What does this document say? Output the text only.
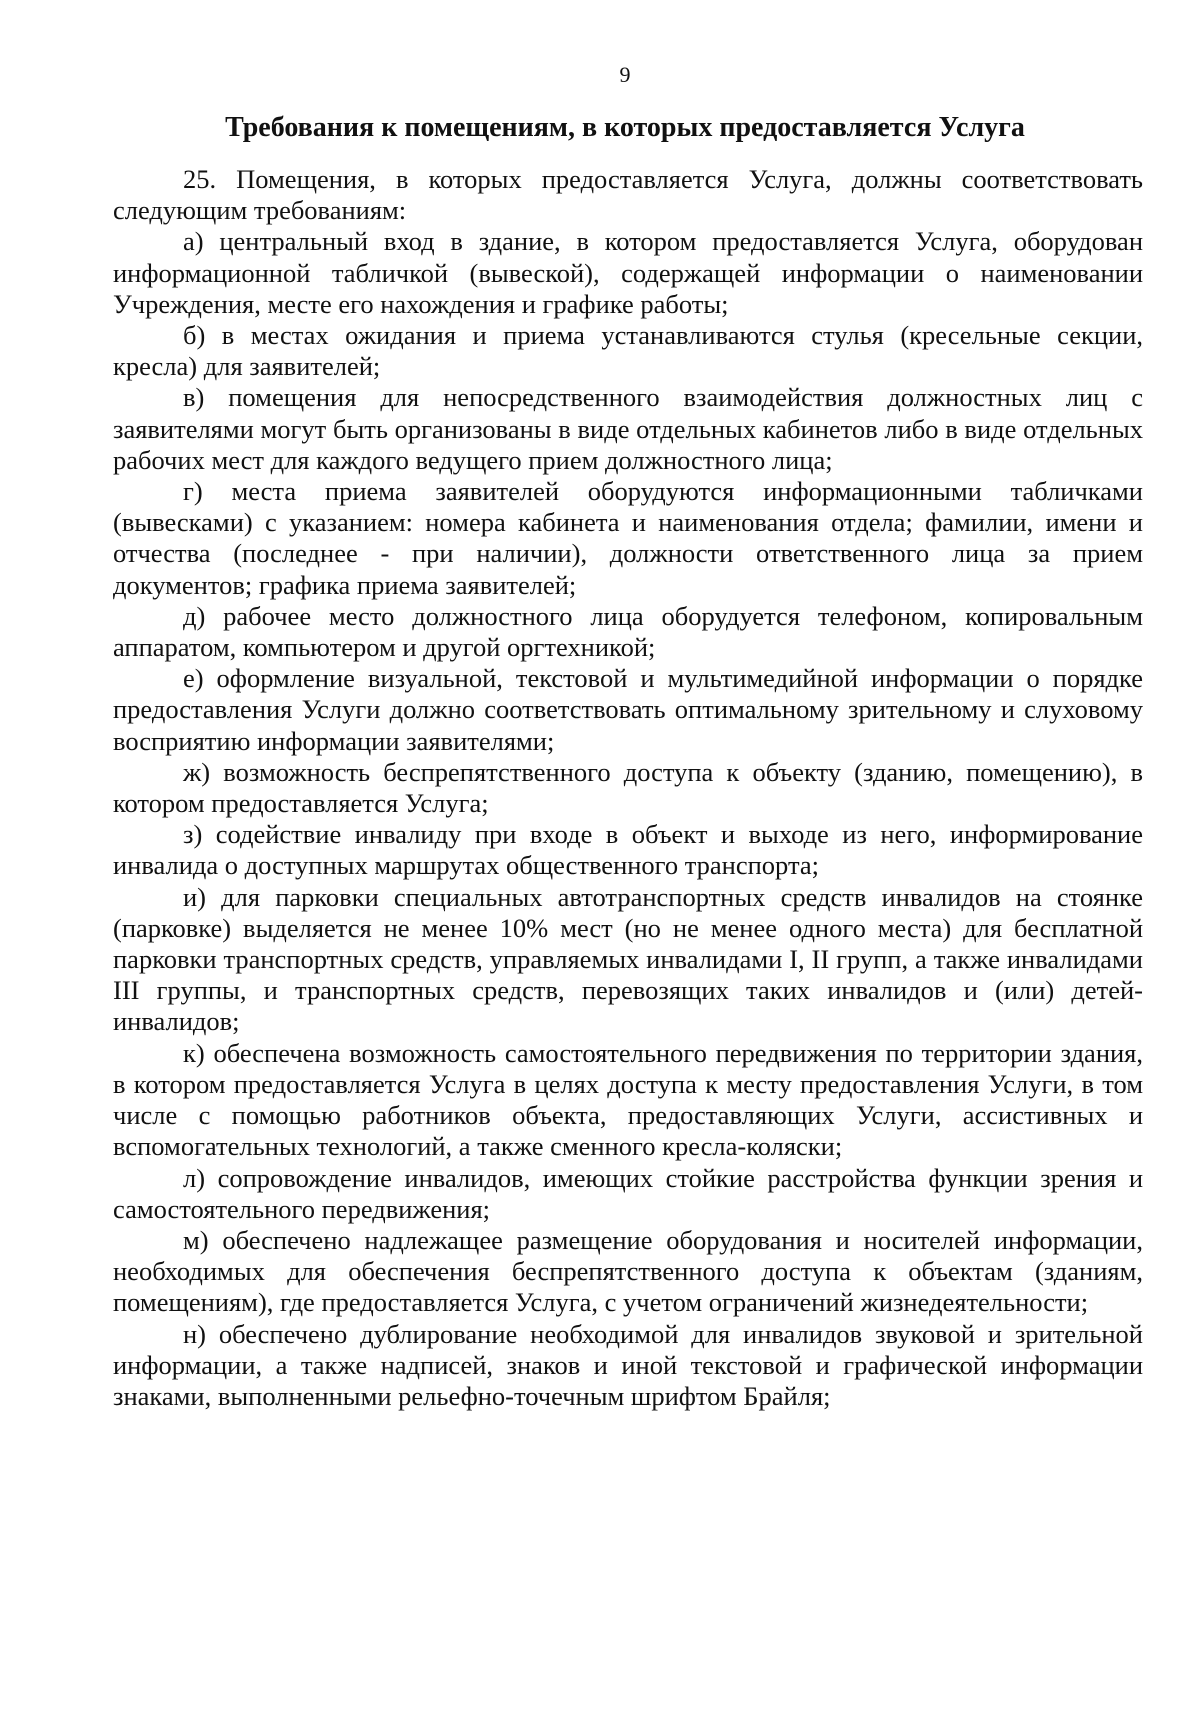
9
Требования к помещениям, в которых предоставляется Услуга

25. Помещения, в которых предоставляется Услуга, должны соответствовать следующим требованиям:

а) центральный вход в здание, в котором предоставляется Услуга, оборудован информационной табличкой (вывеской), содержащей информации о наименовании Учреждения, месте его нахождения и графике работы;

б) в местах ожидания и приема устанавливаются стулья (кресельные секции, кресла) для заявителей;

в) помещения для непосредственного взаимодействия должностных лиц с заявителями могут быть организованы в виде отдельных кабинетов либо в виде отдельных рабочих мест для каждого ведущего прием должностного лица;

г) места приема заявителей оборудуются информационными табличками (вывесками) с указанием: номера кабинета и наименования отдела; фамилии, имени и отчества (последнее - при наличии), должности ответственного лица за прием документов; графика приема заявителей;

д) рабочее место должностного лица оборудуется телефоном, копировальным аппаратом, компьютером и другой оргтехникой;

е) оформление визуальной, текстовой и мультимедийной информации о порядке предоставления Услуги должно соответствовать оптимальному зрительному и слуховому восприятию информации заявителями;

ж) возможность беспрепятственного доступа к объекту (зданию, помещению), в котором предоставляется Услуга;

з) содействие инвалиду при входе в объект и выходе из него, информирование инвалида о доступных маршрутах общественного транспорта;

и) для парковки специальных автотранспортных средств инвалидов на стоянке (парковке) выделяется не менее 10% мест (но не менее одного места) для бесплатной парковки транспортных средств, управляемых инвалидами I, II групп, а также инвалидами III группы, и транспортных средств, перевозящих таких инвалидов и (или) детей-инвалидов;

к) обеспечена возможность самостоятельного передвижения по территории здания, в котором предоставляется Услуга в целях доступа к месту предоставления Услуги, в том числе с помощью работников объекта, предоставляющих Услуги, ассистивных и вспомогательных технологий, а также сменного кресла-коляски;

л) сопровождение инвалидов, имеющих стойкие расстройства функции зрения и самостоятельного передвижения;

м) обеспечено надлежащее размещение оборудования и носителей информации, необходимых для обеспечения беспрепятственного доступа к объектам (зданиям, помещениям), где предоставляется Услуга, с учетом ограничений жизнедеятельности;

н) обеспечено дублирование необходимой для инвалидов звуковой и зрительной информации, а также надписей, знаков и иной текстовой и графической информации знаками, выполненными рельефно-точечным шрифтом Брайля;
